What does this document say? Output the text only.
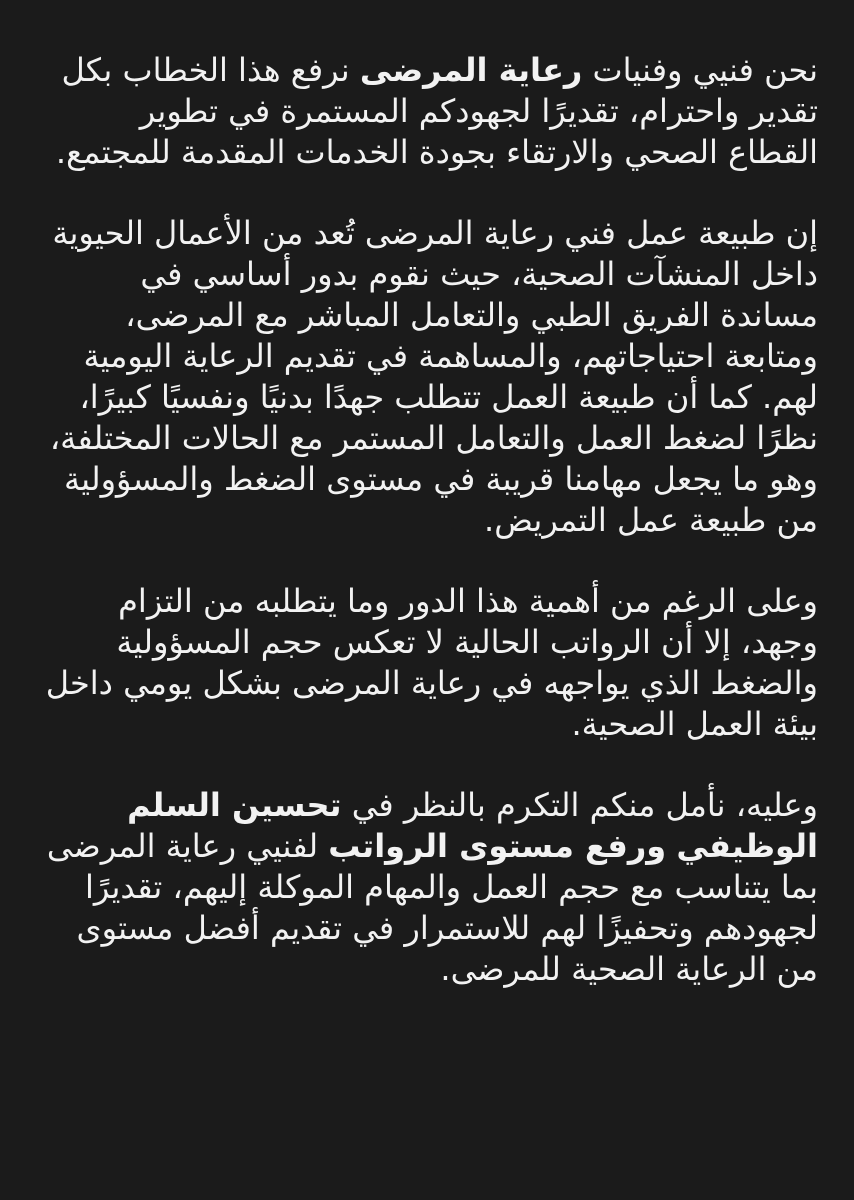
نحن فنيي وفنيات رعاية المرضى نرفع هذا الخطاب بكل تقدير واحترام، تقديرًا لجهودكم المستمرة في تطوير القطاع الصحي والارتقاء بجودة الخدمات المقدمة للمجتمع.

إن طبيعة عمل فني رعاية المرضى تُعد من الأعمال الحيوية داخل المنشآت الصحية، حيث نقوم بدور أساسي في مساندة الفريق الطبي والتعامل المباشر مع المرضى، ومتابعة احتياجاتهم، والمساهمة في تقديم الرعاية اليومية لهم. كما أن طبيعة العمل تتطلب جهدًا بدنيًا ونفسيًا كبيرًا، نظرًا لضغط العمل والتعامل المستمر مع الحالات المختلفة، وهو ما يجعل مهامنا قريبة في مستوى الضغط والمسؤولية من طبيعة عمل التمريض.

وعلى الرغم من أهمية هذا الدور وما يتطلبه من التزام وجهد، إلا أن الرواتب الحالية لا تعكس حجم المسؤولية والضغط الذي يواجهه في رعاية المرضى بشكل يومي داخل بيئة العمل الصحية.

وعليه، نأمل منكم التكرم بالنظر في تحسين السلم الوظيفي ورفع مستوى الرواتب لفنيي رعاية المرضى بما يتناسب مع حجم العمل والمهام الموكلة إليهم، تقديرًا لجهودهم وتحفيزًا لهم للاستمرار في تقديم أفضل مستوى من الرعاية الصحية للمرضى.
